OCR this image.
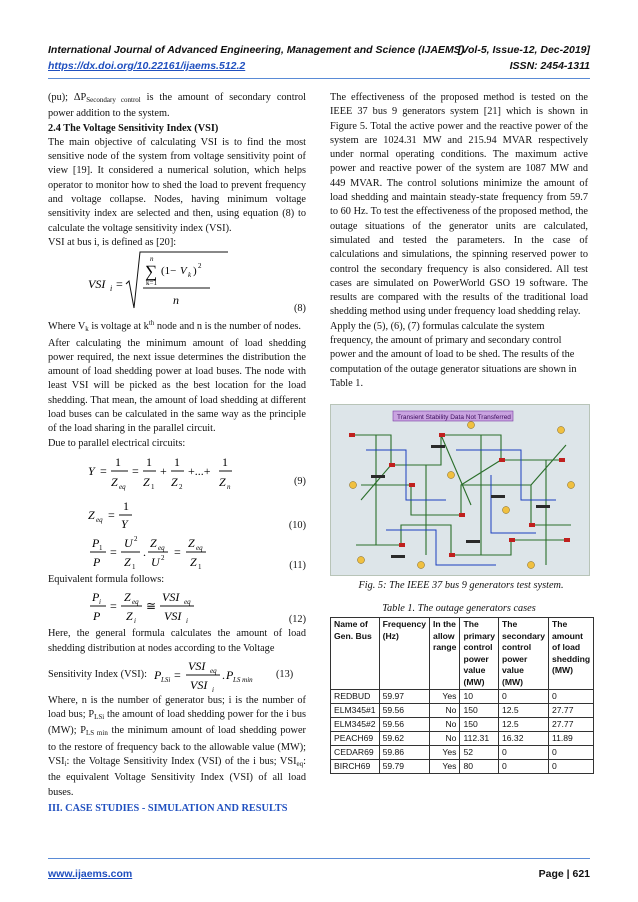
International Journal of Advanced Engineering, Management and Science (IJAEMS)
[Vol-5, Issue-12, Dec-2019]
https://dx.doi.org/10.22161/ijaems.512.2	ISSN: 2454-1311

(pu); $\Delta P_{Secondary control}$ is the amount of secondary control power addition to the system.

2.4 The Voltage Sensitivity Index (VSI)

The main objective of calculating VSI is to find the most sensitive node of the system from voltage sensitivity point of view [19]. It considered a numerical solution, which helps operator to monitor how to shed the load to prevent frequency and voltage collapse. Nodes, having minimum voltage sensitivity index are selected and then, using equation (8) to calculate the voltage sensitivity index (VSI).

VSI at bus i, is defined as [20]:

VSI i =
n
∑
k=1
(1− V k ) 2
n
(8)

Where $V_k$ is voltage at $k^{th}$ node and n is the number of nodes.

After calculating the minimum amount of load shedding power required, the next issue determines the distribution the amount of load shedding power at load buses. The node with least VSI will be picked as the best location for the load shedding. That mean, the amount of load shedding at different load buses can be calculated in the same way as the principle of the load sharing in the parallel circuit.

Due to parallel electrical circuits:

Y =
1
Z eq
=
1
Z 1
+
1
Z 2
+...+
1
Z n
(9)
Z eq =
1
Y	(10)
P 1
P
=
U 2
Z 1
.
Z eq
U 2 =
Z eq
Z 1	(11)

Equivalent formula follows:

P i
P
=
Z eq
Z i
≅
VSI eq
VSI i	(12)

Here, the general formula calculates the amount of load shedding distribution at nodes according to the Voltage

Sensitivity Index (VSI): P LSi =
VSI eq
VSI i
. P LS min (13)

Where, n is the number of generator bus; i is the number of load bus; $P_{LSi}$ the amount of load shedding power for the i bus (MW); $P_{LS min}$ the minimum amount of load shedding power to the restore of frequency back to the allowable value (MW); $VSI_i$: the Voltage Sensitivity Index (VSI) of the i bus; $VSI_{eq}$: the equivalent Voltage Sensitivity Index (VSI) of all load buses.

III. CASE STUDIES - SIMULATION AND RESULTS

The effectiveness of the proposed method is tested on the IEEE 37 bus 9 generators system [21] which is shown in Figure 5. Total the active power and the reactive power of the system are 1024.31 MW and 215.94 MVAR respectively under normal operating conditions. The maximum active power and reactive power of the system are 1087 MW and 449 MVAR. The control solutions minimize the amount of load shedding and maintain steady-state frequency from 59.7 to 60 Hz. To test the effectiveness of the proposed method, the outage situations of the generator units are calculated, simulated and tested the parameters. In the case of calculations and simulations, the spinning reserved power to control the secondary frequency is also considered. All test cases are simulated on PowerWorld GSO 19 software. The results are compared with the results of the traditional load shedding method using under frequency load shedding relay.

Apply the (5), (6), (7) formulas calculate the system frequency, the amount of primary and secondary control power and the amount of load to be shed. The results of the computation of the outage generator situations are shown in Table 1.

Transient Stability Data Not Transferred
Fig. 5: The IEEE 37 bus 9 generators test system.
Table 1. The outage generators cases
Name of Gen. Bus	Frequency (Hz)	In the allow range	The primary control power value (MW)	The secondary control power value (MW)	The amount of load shedding (MW)
REDBUD	59.97	Yes	10	0	0
ELM345#1	59.56	No	150	12.5	27.77
ELM345#2	59.56	No	150	12.5	27.77
PEACH69	59.62	No	112.31	16.32	11.89
CEDAR69	59.86	Yes	52	0	0
BIRCH69	59.79	Yes	80	0	0
www.ijaems.com	Page | 621
